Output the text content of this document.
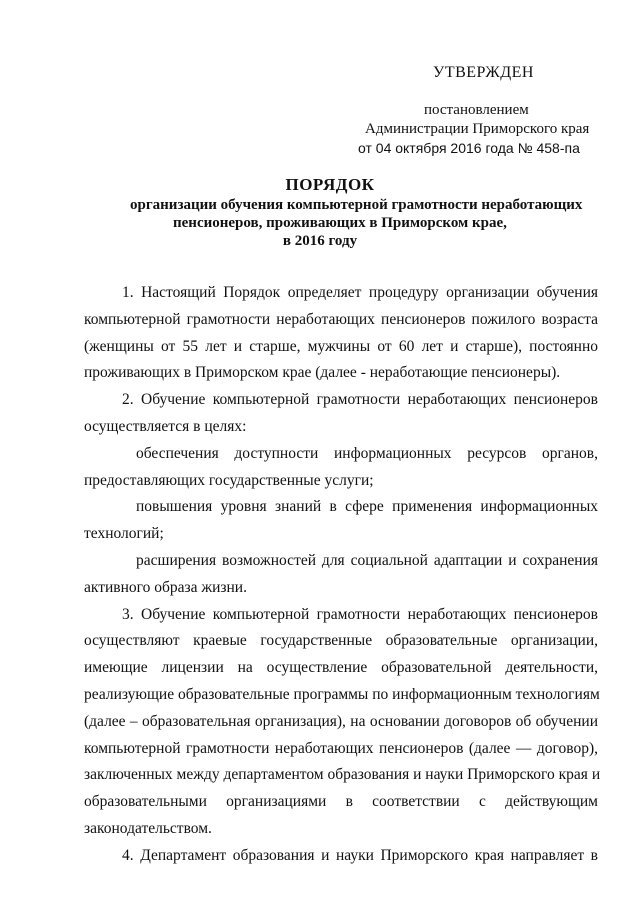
УТВЕРЖДЕН
постановлением
Администрации Приморского края
от 04 октября 2016 года № 458-па
ПОРЯДОК
организации обучения компьютерной грамотности неработающих
пенсионеров, проживающих в Приморском крае,
в 2016 году
1. Настоящий Порядок определяет процедуру организации обучения
компьютерной грамотности неработающих пенсионеров пожилого возраста
(женщины от 55 лет и старше, мужчины от 60 лет и старше), постоянно
проживающих в Приморском крае (далее - неработающие пенсионеры).
2. Обучение компьютерной грамотности неработающих пенсионеров
осуществляется в целях:
обеспечения доступности информационных ресурсов органов,
предоставляющих государственные услуги;
повышения уровня знаний в сфере применения информационных
технологий;
расширения возможностей для социальной адаптации и сохранения
активного образа жизни.
3. Обучение компьютерной грамотности неработающих пенсионеров
осуществляют краевые государственные образовательные организации,
имеющие лицензии на осуществление образовательной деятельности,
реализующие образовательные программы по информационным технологиям
(далее – образовательная организация), на основании договоров об обучении
компьютерной грамотности неработающих пенсионеров (далее — договор),
заключенных между департаментом образования и науки Приморского края и
образовательными организациями в соответствии с действующим
законодательством.
4. Департамент образования и науки Приморского края направляет в
